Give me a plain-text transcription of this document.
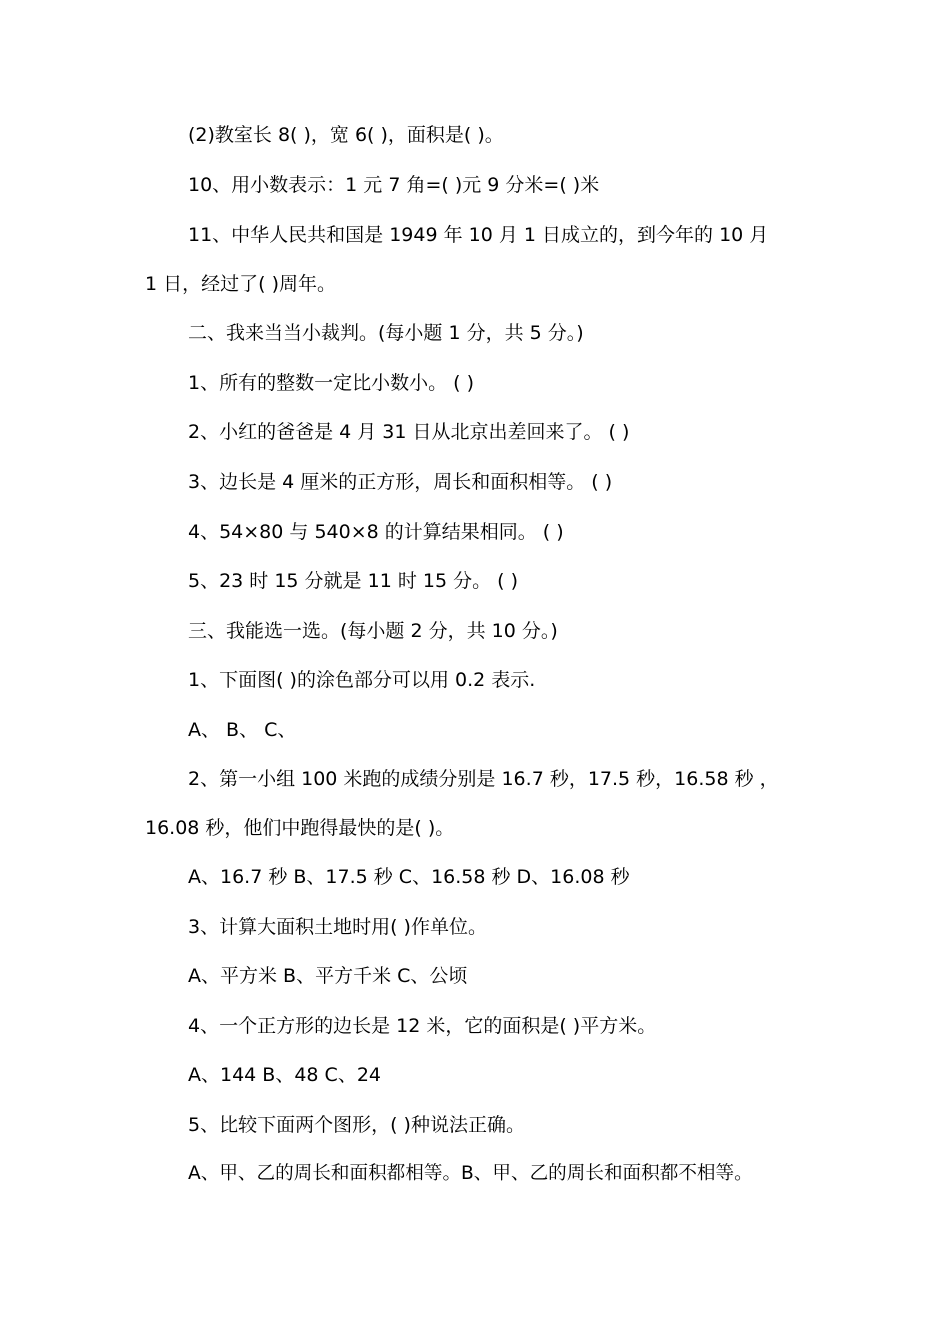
(2)教室长 8( )，宽 6( )，面积是( )。
10、用小数表示：1 元 7 角=( )元 9 分米=( )米
11、中华人民共和国是 1949 年 10 月 1 日成立的，到今年的 10 月
1 日，经过了( )周年。
二、我来当当小裁判。(每小题 1 分，共 5 分。)
1、所有的整数一定比小数小。 ( )
2、小红的爸爸是 4 月 31 日从北京出差回来了。 ( )
3、边长是 4 厘米的正方形，周长和面积相等。 ( )
4、54×80 与 540×8 的计算结果相同。 ( )
5、23 时 15 分就是 11 时 15 分。 ( )
三、我能选一选。(每小题 2 分，共 10 分。)
1、下面图( )的涂色部分可以用 0.2 表示.
A、 B、 C、
2、第一小组 100 米跑的成绩分别是 16.7 秒，17.5 秒，16.58 秒 ，
16.08 秒，他们中跑得最快的是( )。
A、16.7 秒 B、17.5 秒 C、16.58 秒 D、16.08 秒
3、计算大面积土地时用( )作单位。
A、平方米 B、平方千米 C、公顷
4、一个正方形的边长是 12 米，它的面积是( )平方米。
A、144 B、48 C、24
5、比较下面两个图形，( )种说法正确。
A、甲、乙的周长和面积都相等。B、甲、乙的周长和面积都不相等。
